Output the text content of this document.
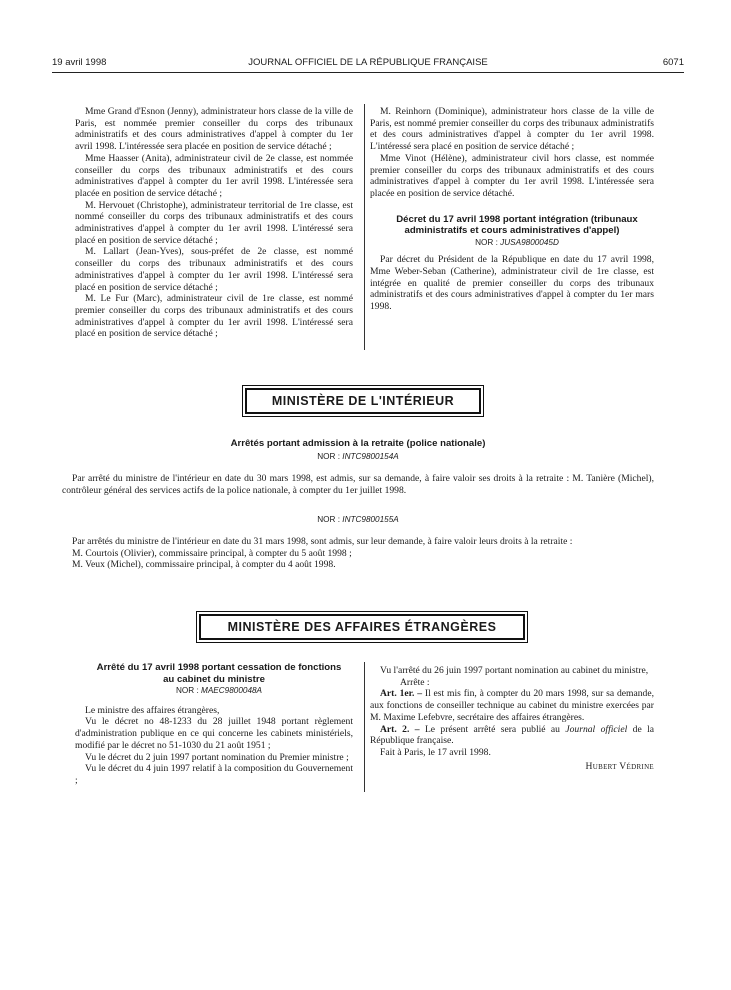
19 avril 1998	JOURNAL OFFICIEL DE LA RÉPUBLIQUE FRANÇAISE	6071

Mme Grand d'Esnon (Jenny), administrateur hors classe de la ville de Paris, est nommée premier conseiller du corps des tribunaux administratifs et des cours administratives d'appel à compter du 1er avril 1998. L'intéressée sera placée en position de service détaché ;

Mme Haasser (Anita), administrateur civil de 2e classe, est nommée conseiller du corps des tribunaux administratifs et des cours administratives d'appel à compter du 1er avril 1998. L'intéressée sera placée en position de service détaché ;

M. Hervouet (Christophe), administrateur territorial de 1re classe, est nommé conseiller du corps des tribunaux administratifs et des cours administratives d'appel à compter du 1er avril 1998. L'intéressé sera placé en position de service détaché ;

M. Lallart (Jean-Yves), sous-préfet de 2e classe, est nommé conseiller du corps des tribunaux administratifs et des cours administratives d'appel à compter du 1er avril 1998. L'intéressé sera placé en position de service détaché ;

M. Le Fur (Marc), administrateur civil de 1re classe, est nommé premier conseiller du corps des tribunaux administratifs et des cours administratives d'appel à compter du 1er avril 1998. L'intéressé sera placé en position de service détaché ;

M. Reinhorn (Dominique), administrateur hors classe de la ville de Paris, est nommé premier conseiller du corps des tribunaux administratifs et des cours administratives d'appel à compter du 1er avril 1998. L'intéressé sera placé en position de service détaché ;

Mme Vinot (Hélène), administrateur civil hors classe, est nommée premier conseiller du corps des tribunaux administratifs et des cours administratives d'appel à compter du 1er avril 1998. L'intéressée sera placée en position de service détaché.

Décret du 17 avril 1998 portant intégration (tribunaux administratifs et cours administratives d'appel)

NOR : JUSA9800045D

Par décret du Président de la République en date du 17 avril 1998, Mme Weber-Seban (Catherine), administrateur civil de 1re classe, est intégrée en qualité de premier conseiller du corps des tribunaux administratifs et des cours administratives d'appel à compter du 1er mars 1998.

MINISTÈRE DE L'INTÉRIEUR
Arrêtés portant admission à la retraite (police nationale)
NOR : INTC9800154A

Par arrêté du ministre de l'intérieur en date du 30 mars 1998, est admis, sur sa demande, à faire valoir ses droits à la retraite : M. Tanière (Michel), contrôleur général des services actifs de la police nationale, à compter du 1er juillet 1998.

NOR : INTC9800155A

Par arrêtés du ministre de l'intérieur en date du 31 mars 1998, sont admis, sur leur demande, à faire valoir leurs droits à la retraite :

M. Courtois (Olivier), commissaire principal, à compter du 5 août 1998 ;

M. Veux (Michel), commissaire principal, à compter du 4 août 1998.

MINISTÈRE DES AFFAIRES ÉTRANGÈRES

Arrêté du 17 avril 1998 portant cessation de fonctions au cabinet du ministre

NOR : MAEC9800048A

Le ministre des affaires étrangères,

Vu le décret no 48-1233 du 28 juillet 1948 portant règlement d'administration publique en ce qui concerne les cabinets ministériels, modifié par le décret no 51-1030 du 21 août 1951 ;

Vu le décret du 2 juin 1997 portant nomination du Premier ministre ;

Vu le décret du 4 juin 1997 relatif à la composition du Gouvernement ;

Vu l'arrêté du 26 juin 1997 portant nomination au cabinet du ministre,

Arrête :

Art. 1er. – Il est mis fin, à compter du 20 mars 1998, sur sa demande, aux fonctions de conseiller technique au cabinet du ministre exercées par M. Maxime Lefebvre, secrétaire des affaires étrangères.

Art. 2. – Le présent arrêté sera publié au Journal officiel de la République française.

Fait à Paris, le 17 avril 1998.

Hubert Védrine
